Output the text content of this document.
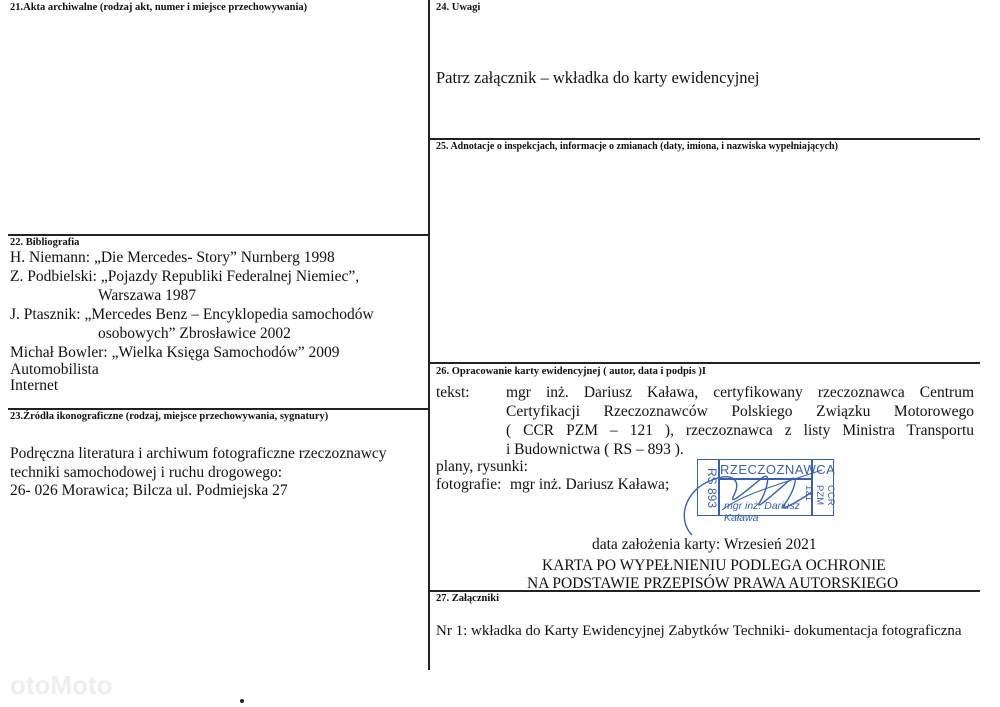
21.Akta archiwalne (rodzaj akt, numer i miejsce przechowywania)	24. Uwagi
Patrz załącznik – wkładka do karty ewidencyjnej
25. Adnotacje o inspekcjach, informacje o zmianach (daty, imiona, i nazwiska wypełniających)
22. Bibliografia
H. Niemann: „Die Mercedes- Story” Nurnberg 1998
Z. Podbielski: „Pojazdy Republiki Federalnej Niemiec”,
Warszawa 1987
J. Ptasznik: „Mercedes Benz – Encyklopedia samochodów
osobowych” Zbrosławice 2002
Michał Bowler: „Wielka Księga Samochodów” 2009
Automobilista
Internet
23.Źródła ikonograficzne (rodzaj, miejsce przechowywania, sygnatury)
Podręczna literatura i archiwum fotograficzne rzeczoznawcy
techniki samochodowej i ruchu drogowego:
26- 026 Morawica; Bilcza ul. Podmiejska 27
26. Opracowanie karty ewidencyjnej ( autor, data i podpis )I
tekst: mgr inż. Dariusz Kaława, certyfikowany rzeczoznawca Centrum
Certyfikacji Rzeczoznawców Polskiego Związku Motorowego
( CCR PZM – 121 ), rzeczoznawca z listy Ministra Transportu
i Budownictwa ( RS – 893 ).
plany, rysunki:
fotografie: mgr inż. Dariusz Kaława;
RZECZOZNAWCA
RS 893 mgr inż. Dariusz Kaława
CCR PZM 121
data założenia karty: Wrzesień 2021
KARTA PO WYPEŁNIENIU PODLEGA OCHRONIE
NA PODSTAWIE PRZEPISÓW PRAWA AUTORSKIEGO
27. Załączniki
Nr 1: wkładka do Karty Ewidencyjnej Zabytków Techniki- dokumentacja fotograficzna
otoMoto
